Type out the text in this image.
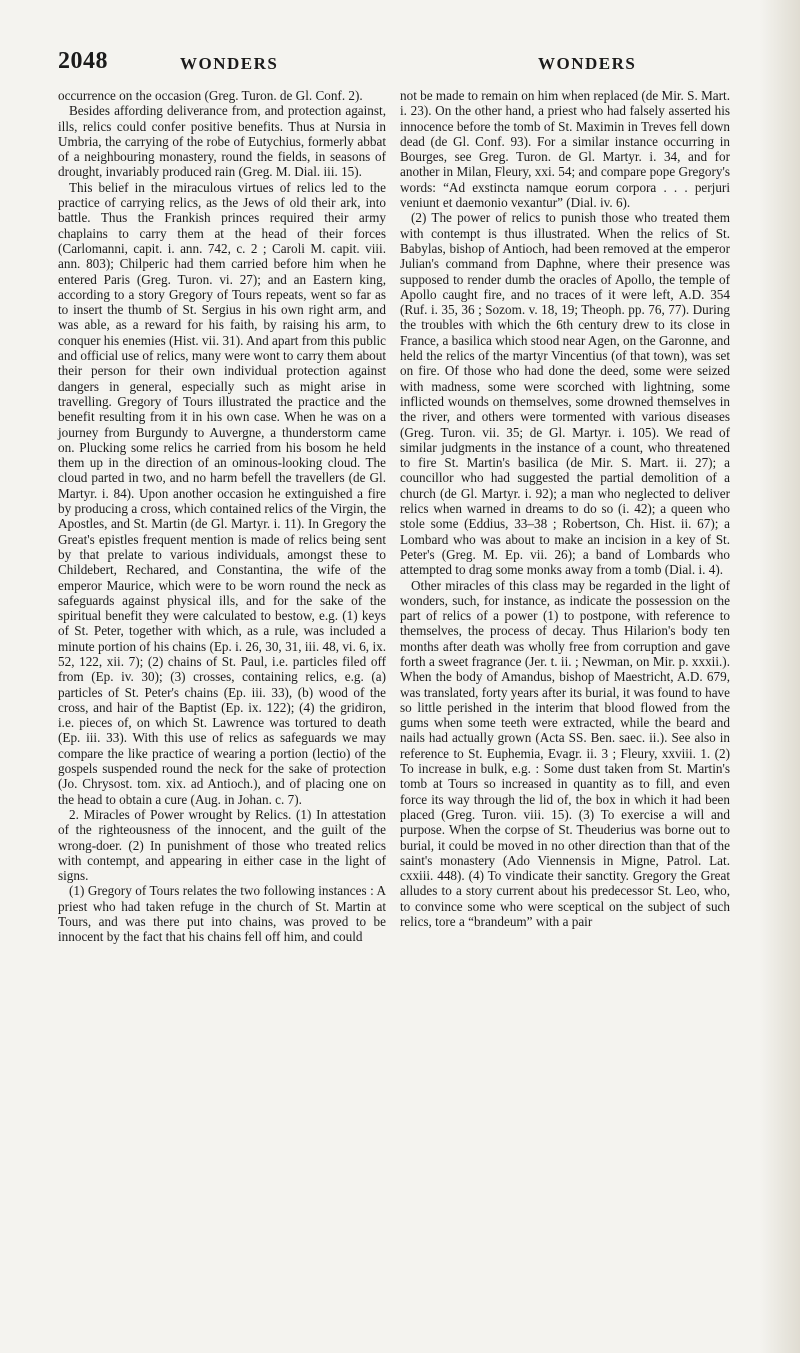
2048	WONDERS	WONDERS

occurrence on the occasion (Greg. Turon. de Gl. Conf. 2).

Besides affording deliverance from, and protection against, ills, relics could confer positive benefits. Thus at Nursia in Umbria, the carrying of the robe of Eutychius, formerly abbat of a neighbouring monastery, round the fields, in seasons of drought, invariably produced rain (Greg. M. Dial. iii. 15).

This belief in the miraculous virtues of relics led to the practice of carrying relics, as the Jews of old their ark, into battle. Thus the Frankish princes required their army chaplains to carry them at the head of their forces (Carlomanni, capit. i. ann. 742, c. 2 ; Caroli M. capit. viii. ann. 803); Chilperic had them carried before him when he entered Paris (Greg. Turon. vi. 27); and an Eastern king, according to a story Gregory of Tours repeats, went so far as to insert the thumb of St. Sergius in his own right arm, and was able, as a reward for his faith, by raising his arm, to conquer his enemies (Hist. vii. 31). And apart from this public and official use of relics, many were wont to carry them about their person for their own individual protection against dangers in general, especially such as might arise in travelling. Gregory of Tours illustrated the practice and the benefit resulting from it in his own case. When he was on a journey from Burgundy to Auvergne, a thunderstorm came on. Plucking some relics he carried from his bosom he held them up in the direction of an ominous-looking cloud. The cloud parted in two, and no harm befell the travellers (de Gl. Martyr. i. 84). Upon another occasion he extinguished a fire by producing a cross, which contained relics of the Virgin, the Apostles, and St. Martin (de Gl. Martyr. i. 11). In Gregory the Great's epistles frequent mention is made of relics being sent by that prelate to various individuals, amongst these to Childebert, Rechared, and Constantina, the wife of the emperor Maurice, which were to be worn round the neck as safeguards against physical ills, and for the sake of the spiritual benefit they were calculated to bestow, e.g. (1) keys of St. Peter, together with which, as a rule, was included a minute portion of his chains (Ep. i. 26, 30, 31, iii. 48, vi. 6, ix. 52, 122, xii. 7); (2) chains of St. Paul, i.e. particles filed off from (Ep. iv. 30); (3) crosses, containing relics, e.g. (a) particles of St. Peter's chains (Ep. iii. 33), (b) wood of the cross, and hair of the Baptist (Ep. ix. 122); (4) the gridiron, i.e. pieces of, on which St. Lawrence was tortured to death (Ep. iii. 33). With this use of relics as safeguards we may compare the like practice of wearing a portion (lectio) of the gospels suspended round the neck for the sake of protection (Jo. Chrysost. tom. xix. ad Antioch.), and of placing one on the head to obtain a cure (Aug. in Johan. c. 7).

2. Miracles of Power wrought by Relics. (1) In attestation of the righteousness of the innocent, and the guilt of the wrong-doer. (2) In punishment of those who treated relics with contempt, and appearing in either case in the light of signs.

(1) Gregory of Tours relates the two following instances : A priest who had taken refuge in the church of St. Martin at Tours, and was there put into chains, was proved to be innocent by the fact that his chains fell off him, and could

not be made to remain on him when replaced (de Mir. S. Mart. i. 23). On the other hand, a priest who had falsely asserted his innocence before the tomb of St. Maximin in Treves fell down dead (de Gl. Conf. 93). For a similar instance occurring in Bourges, see Greg. Turon. de Gl. Martyr. i. 34, and for another in Milan, Fleury, xxi. 54; and compare pope Gregory's words: “Ad exstincta namque eorum corpora . . . perjuri veniunt et daemonio vexantur” (Dial. iv. 6).

(2) The power of relics to punish those who treated them with contempt is thus illustrated. When the relics of St. Babylas, bishop of Antioch, had been removed at the emperor Julian's command from Daphne, where their presence was supposed to render dumb the oracles of Apollo, the temple of Apollo caught fire, and no traces of it were left, A.D. 354 (Ruf. i. 35, 36 ; Sozom. v. 18, 19; Theoph. pp. 76, 77). During the troubles with which the 6th century drew to its close in France, a basilica which stood near Agen, on the Garonne, and held the relics of the martyr Vincentius (of that town), was set on fire. Of those who had done the deed, some were seized with madness, some were scorched with lightning, some inflicted wounds on themselves, some drowned themselves in the river, and others were tormented with various diseases (Greg. Turon. vii. 35; de Gl. Martyr. i. 105). We read of similar judgments in the instance of a count, who threatened to fire St. Martin's basilica (de Mir. S. Mart. ii. 27); a councillor who had suggested the partial demolition of a church (de Gl. Martyr. i. 92); a man who neglected to deliver relics when warned in dreams to do so (i. 42); a queen who stole some (Eddius, 33–38 ; Robertson, Ch. Hist. ii. 67); a Lombard who was about to make an incision in a key of St. Peter's (Greg. M. Ep. vii. 26); a band of Lombards who attempted to drag some monks away from a tomb (Dial. i. 4).

Other miracles of this class may be regarded in the light of wonders, such, for instance, as indicate the possession on the part of relics of a power (1) to postpone, with reference to themselves, the process of decay. Thus Hilarion's body ten months after death was wholly free from corruption and gave forth a sweet fragrance (Jer. t. ii. ; Newman, on Mir. p. xxxii.). When the body of Amandus, bishop of Maestricht, A.D. 679, was translated, forty years after its burial, it was found to have so little perished in the interim that blood flowed from the gums when some teeth were extracted, while the beard and nails had actually grown (Acta SS. Ben. saec. ii.). See also in reference to St. Euphemia, Evagr. ii. 3 ; Fleury, xxviii. 1. (2) To increase in bulk, e.g. : Some dust taken from St. Martin's tomb at Tours so increased in quantity as to fill, and even force its way through the lid of, the box in which it had been placed (Greg. Turon. viii. 15). (3) To exercise a will and purpose. When the corpse of St. Theuderius was borne out to burial, it could be moved in no other direction than that of the saint's monastery (Ado Viennensis in Migne, Patrol. Lat. cxxiii. 448). (4) To vindicate their sanctity. Gregory the Great alludes to a story current about his predecessor St. Leo, who, to convince some who were sceptical on the subject of such relics, tore a “brandeum” with a pair
